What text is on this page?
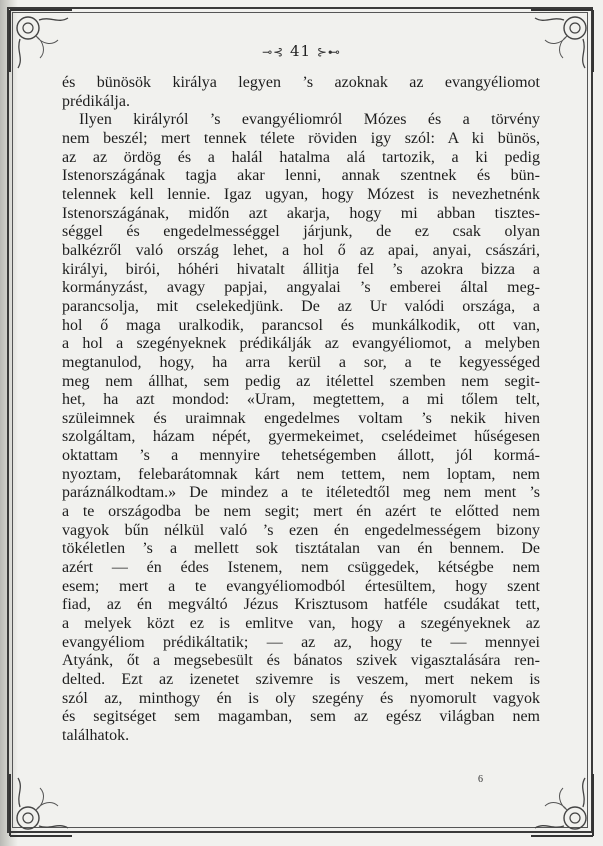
⊸⊰ 41 ⊱⊷
és bünösök királya legyen ’s azoknak az evangyéliomot
prédikálja.
Ilyen királyról ’s evangyéliomról Mózes és a törvény
nem beszél; mert tennek télete röviden igy szól: A ki bünös,
az az ördög és a halál hatalma alá tartozik, a ki pedig
Istenországának tagja akar lenni, annak szentnek és bün-
telennek kell lennie. Igaz ugyan, hogy Mózest is nevezhetnénk
Istenországának, midőn azt akarja, hogy mi abban tisztes-
séggel és engedelmességgel járjunk, de ez csak olyan
balkézről való ország lehet, a hol ő az apai, anyai, császári,
királyi, birói, hóhéri hivatalt állitja fel ’s azokra bizza a
kormányzást, avagy papjai, angyalai ’s emberei által meg-
parancsolja, mit cselekedjünk. De az Ur valódi országa, a
hol ő maga uralkodik, parancsol és munkálkodik, ott van,
a hol a szegényeknek prédikálják az evangyéliomot, a melyben
megtanulod, hogy, ha arra kerül a sor, a te kegyességed
meg nem állhat, sem pedig az itélettel szemben nem segit-
het, ha azt mondod: «Uram, megtettem, a mi tőlem telt,
szüleimnek és uraimnak engedelmes voltam ’s nekik hiven
szolgáltam, házam népét, gyermekeimet, cselédeimet hűségesen
oktattam ’s a mennyire tehetségemben állott, jól kormá-
nyoztam, felebarátomnak kárt nem tettem, nem loptam, nem
paráználkodtam.» De mindez a te itéletedtől meg nem ment ’s
a te országodba be nem segit; mert én azért te előtted nem
vagyok bűn nélkül való ’s ezen én engedelmességem bizony
tökéletlen ’s a mellett sok tisztátalan van én bennem. De
azért — én édes Istenem, nem csüggedek, kétségbe nem
esem; mert a te evangyéliomodból értesültem, hogy szent
fiad, az én megváltó Jézus Krisztusom hatféle csudákat tett,
a melyek közt ez is emlitve van, hogy a szegényeknek az
evangyéliom prédikáltatik; — az az, hogy te — mennyei
Atyánk, őt a megsebesült és bánatos szivek vigasztalására ren-
delted. Ezt az izenetet szivemre is veszem, mert nekem is
szól az, minthogy én is oly szegény és nyomorult vagyok
és segitséget sem magamban, sem az egész világban nem
találhatok.
6
